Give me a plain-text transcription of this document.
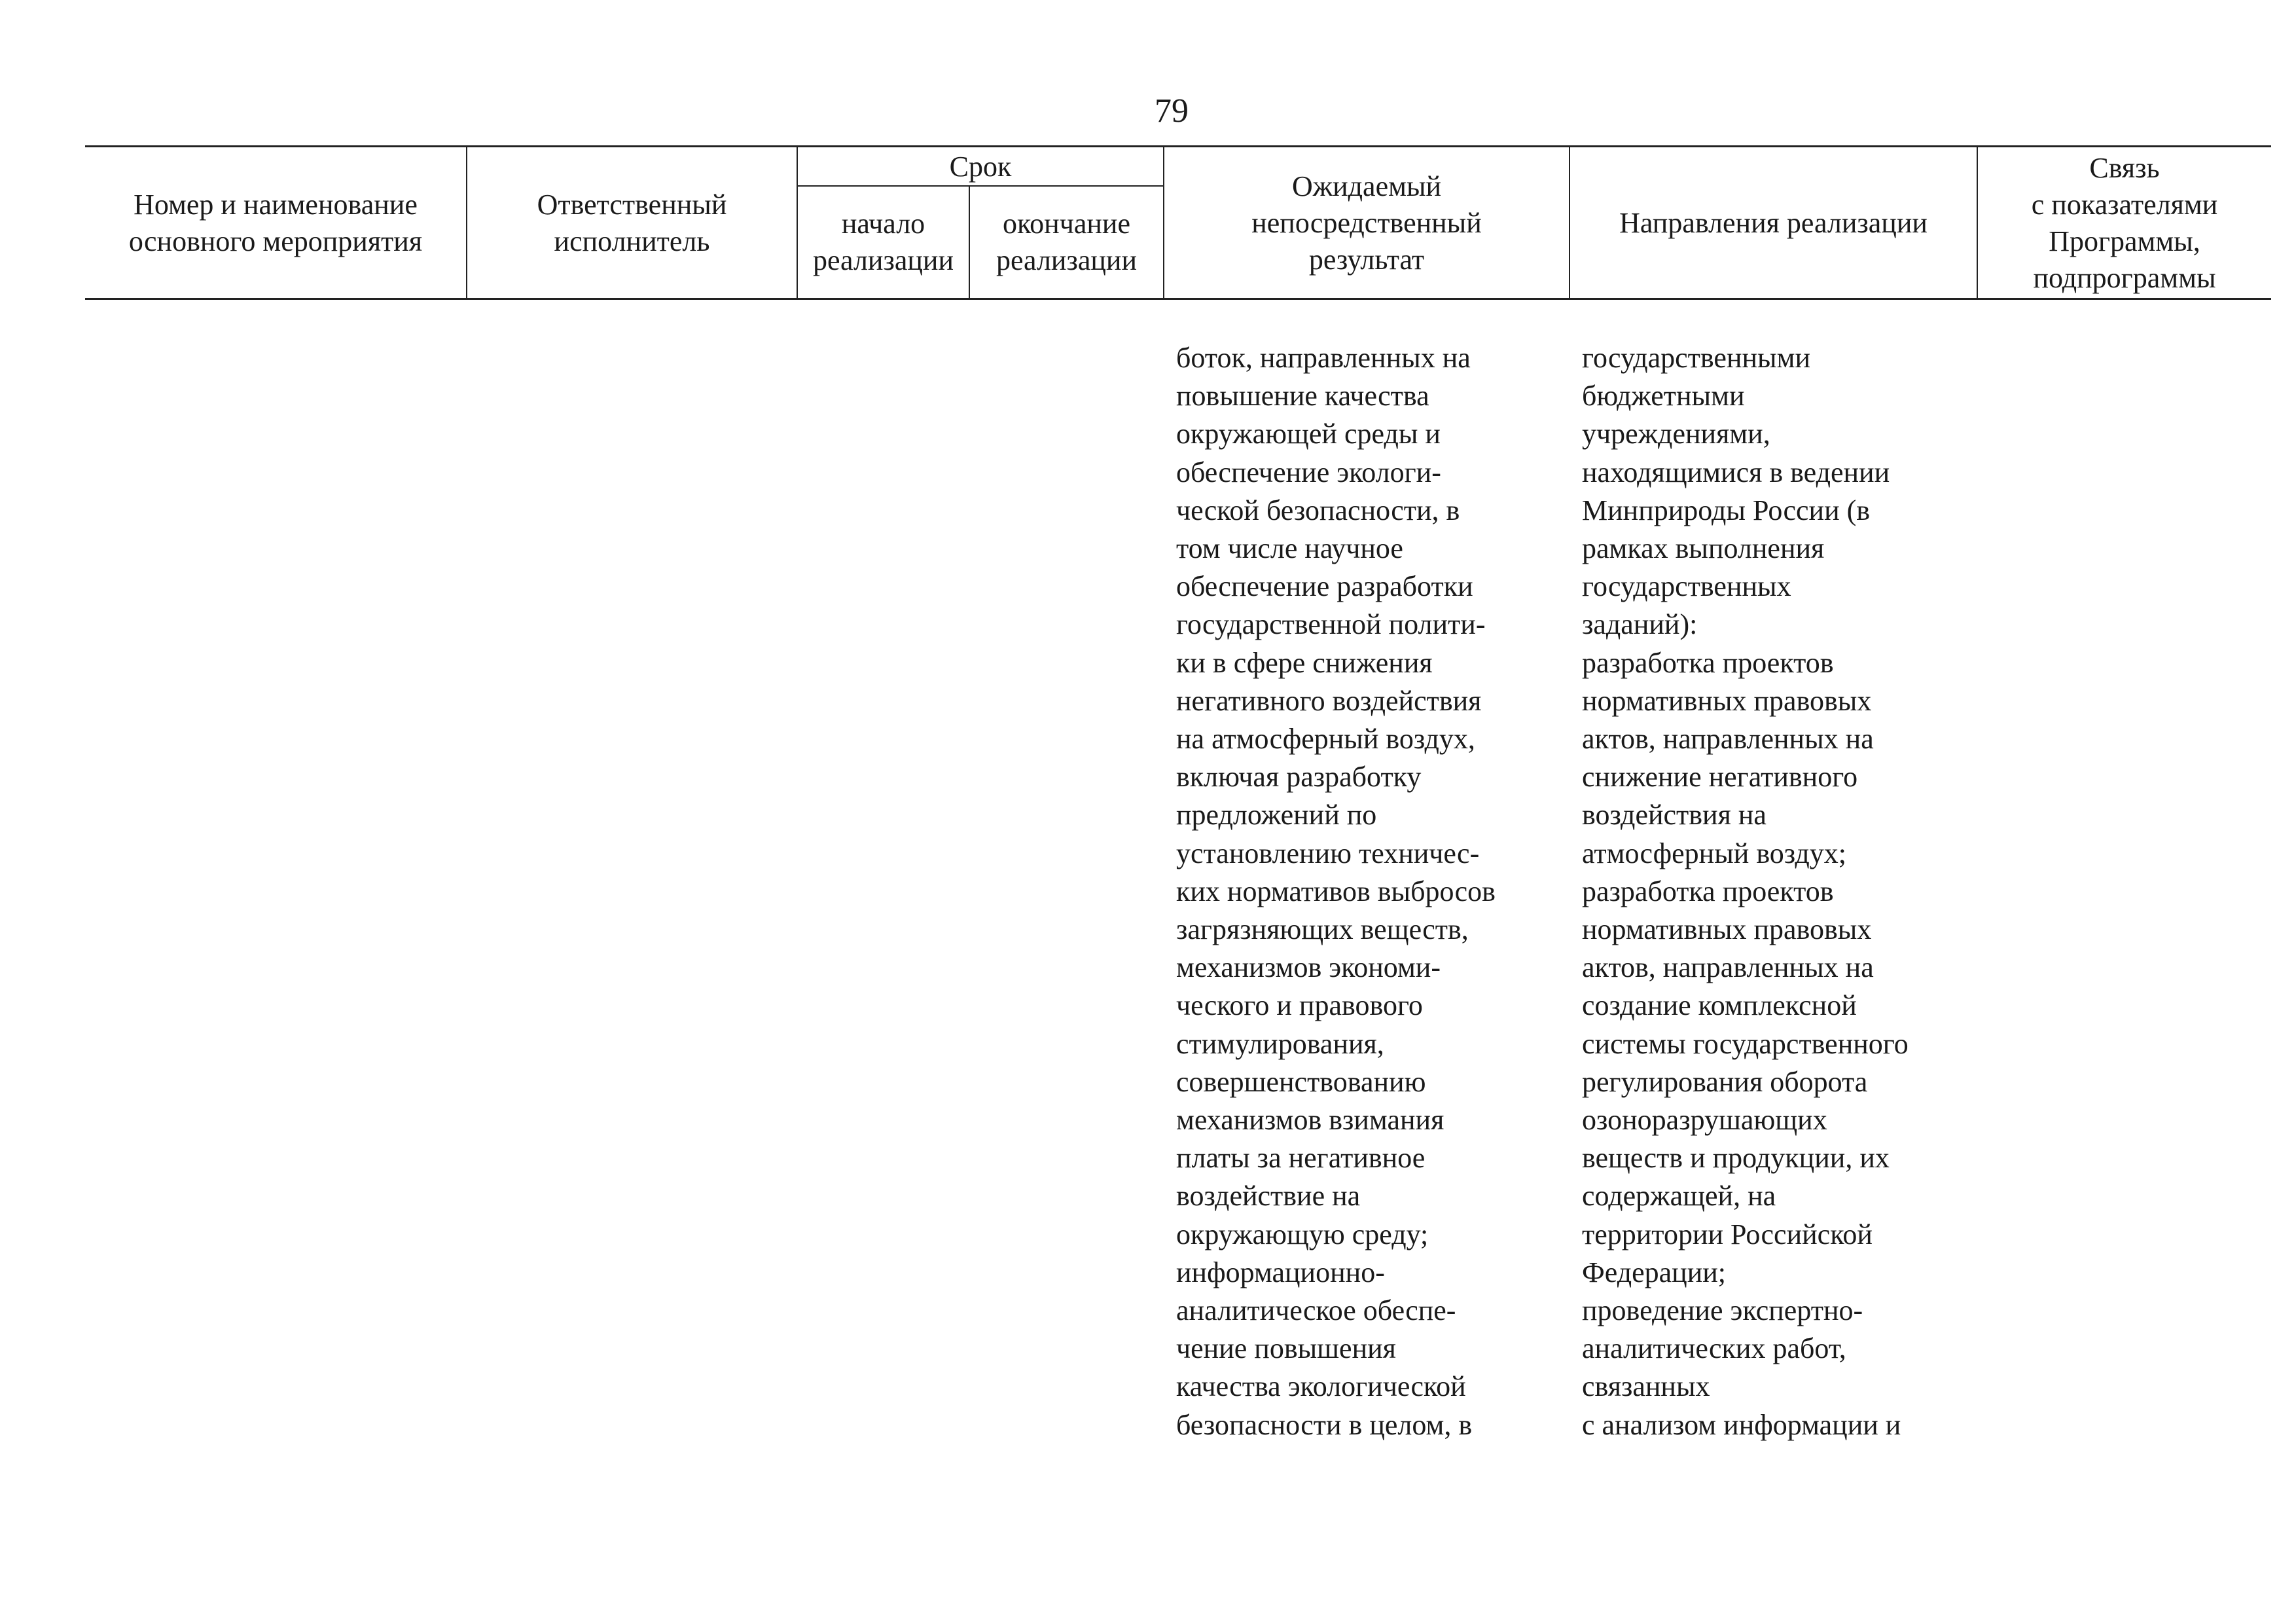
79
Номер и наименование
основного мероприятия
Ответственный
исполнитель
Срок
начало
реализации
окончание
реализации
Ожидаемый
непосредственный
результат
Направления реализации
Связь
с показателями
Программы,
подпрограммы
боток, направленных на
повышение качества
окружающей среды и
обеспечение экологи-
ческой безопасности, в
том числе научное
обеспечение разработки
государственной полити-
ки в сфере снижения
негативного воздействия
на атмосферный воздух,
включая разработку
предложений по
установлению техничес-
ких нормативов выбросов
загрязняющих веществ,
механизмов экономи-
ческого и правового
стимулирования,
совершенствованию
механизмов взимания
платы за негативное
воздействие на
окружающую среду;
информационно-
аналитическое обеспе-
чение повышения
качества экологической
безопасности в целом, в
государственными
бюджетными
учреждениями,
находящимися в ведении
Минприроды России (в
рамках выполнения
государственных
заданий):
разработка проектов
нормативных правовых
актов, направленных на
снижение негативного
воздействия на
атмосферный воздух;
разработка проектов
нормативных правовых
актов, направленных на
создание комплексной
системы государственного
регулирования оборота
озоноразрушающих
веществ и продукции, их
содержащей, на
территории Российской
Федерации;
проведение экспертно-
аналитических работ,
связанных
с анализом информации и
